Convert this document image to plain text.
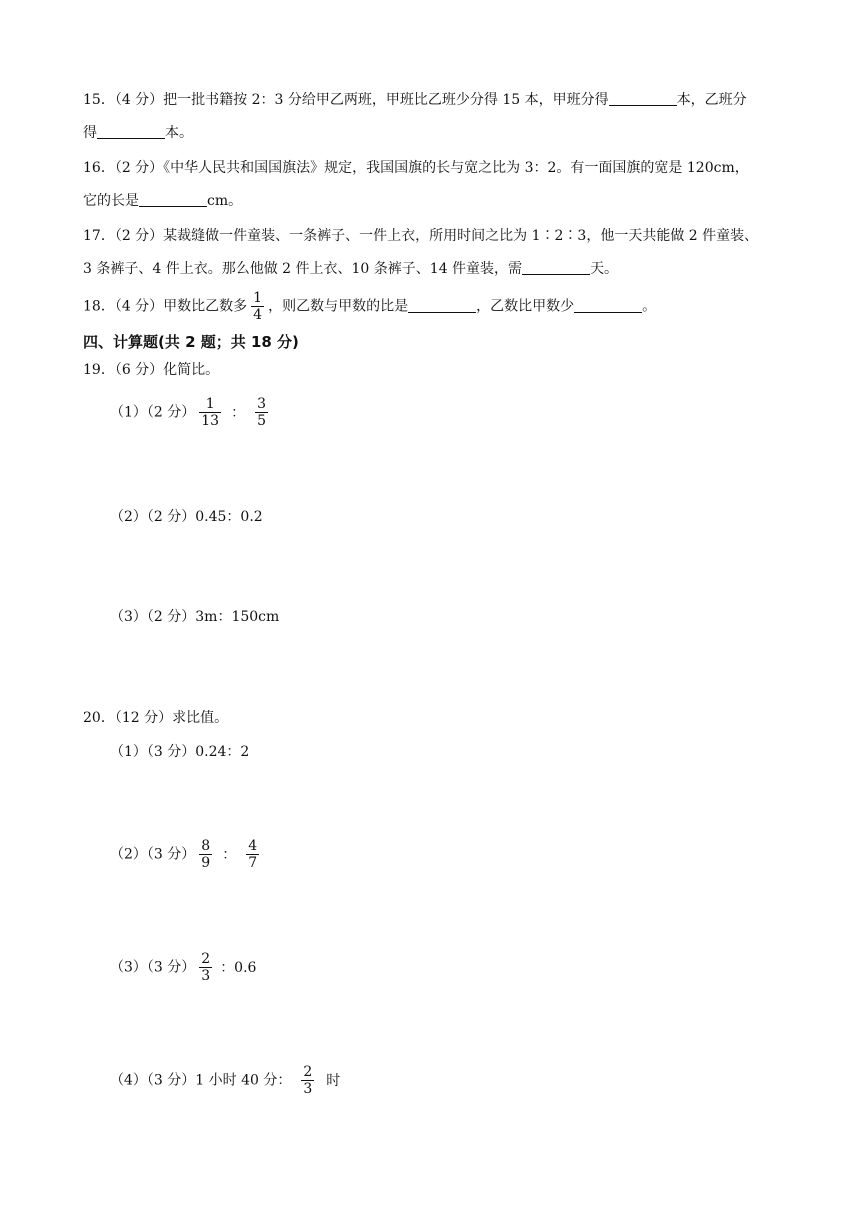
15．（4 分）把一批书籍按 2：3 分给甲乙两班，甲班比乙班少分得 15 本，甲班分得	本，乙班分
得	本。
16．（2 分）《中华人民共和国国旗法》规定，我国国旗的长与宽之比为 3：2。有一面国旗的宽是 120cm，
它的长是	cm。
17．（2 分）某裁缝做一件童装、一条裤子、一件上衣，所用时间之比为 1∶2∶3，他一天共能做 2 件童装、
3 条裤子、4 件上衣。那么他做 2 件上衣、10 条裤子、14 件童装，需	天。
18．（4 分）甲数比乙数多 $\frac{1}{4}$ ，则乙数与甲数的比是	，乙数比甲数少	。
四、计算题(共 2 题；共 18 分)
19．（6 分）化简比。
（1）（2 分） $\frac{1}{13}$ ： $\frac{3}{5}$
（2）（2 分）0.45：0.2
（3）（2 分）3m：150cm
20．（12 分）求比值。
（1）（3 分）0.24：2
（2）（3 分） $\frac{8}{9}$ ： $\frac{4}{7}$
（3）（3 分） $\frac{2}{3}$ ：0.6
（4）（3 分）1 小时 40 分： $\frac{2}{3}$ 时
